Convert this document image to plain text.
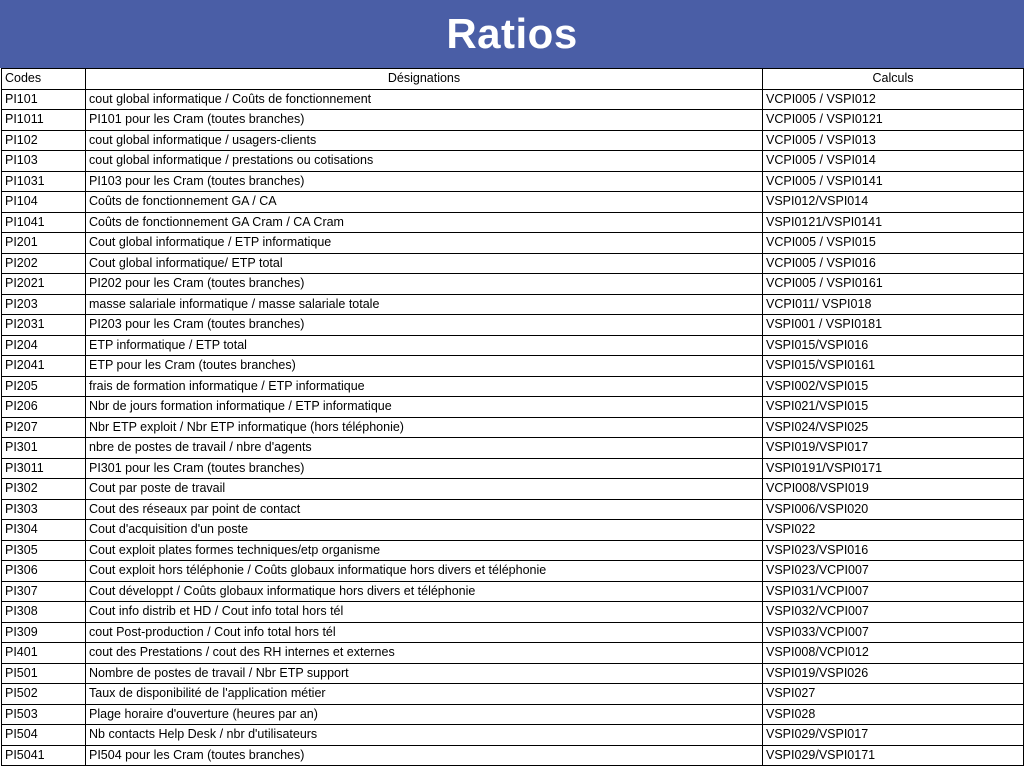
Ratios
Codes	Désignations	Calculs
PI101	cout global informatique / Coûts de fonctionnement	VCPI005 / VSPI012
PI1011	PI101 pour les Cram (toutes branches)	VCPI005 / VSPI0121
PI102	cout global informatique / usagers-clients	VCPI005 / VSPI013
PI103	cout global informatique / prestations ou cotisations	VCPI005 / VSPI014
PI1031	PI103 pour les Cram (toutes branches)	VCPI005 / VSPI0141
PI104	Coûts de fonctionnement GA / CA	VSPI012/VSPI014
PI1041	Coûts de fonctionnement GA Cram / CA Cram	VSPI0121/VSPI0141
PI201	Cout global informatique / ETP informatique	VCPI005 / VSPI015
PI202	Cout global informatique/ ETP total	VCPI005 / VSPI016
PI2021	PI202 pour les Cram (toutes branches)	VCPI005 / VSPI0161
PI203	masse salariale informatique / masse salariale totale	VCPI011/ VSPI018
PI2031	PI203 pour les Cram (toutes branches)	VSPI001 / VSPI0181
PI204	ETP informatique / ETP total	VSPI015/VSPI016
PI2041	ETP pour les Cram (toutes branches)	VSPI015/VSPI0161
PI205	frais de formation informatique / ETP informatique	VSPI002/VSPI015
PI206	Nbr de jours formation informatique / ETP informatique	VSPI021/VSPI015
PI207	Nbr ETP exploit / Nbr ETP informatique (hors téléphonie)	VSPI024/VSPI025
PI301	nbre de postes de travail / nbre d'agents	VSPI019/VSPI017
PI3011	PI301 pour les Cram (toutes branches)	VSPI0191/VSPI0171
PI302	Cout par poste de travail	VCPI008/VSPI019
PI303	Cout des réseaux par point de contact	VSPI006/VSPI020
PI304	Cout d'acquisition d'un poste	VSPI022
PI305	Cout exploit plates formes techniques/etp organisme	VSPI023/VSPI016
PI306	Cout exploit hors téléphonie / Coûts globaux informatique hors divers et téléphonie	VSPI023/VCPI007
PI307	Cout développt / Coûts globaux informatique hors divers et téléphonie	VSPI031/VCPI007
PI308	Cout info distrib et HD / Cout info total hors tél	VSPI032/VCPI007
PI309	cout Post-production / Cout info total hors tél	VSPI033/VCPI007
PI401	cout des Prestations / cout des RH internes et externes	VSPI008/VCPI012
PI501	Nombre de postes de travail / Nbr ETP support	VSPI019/VSPI026
PI502	Taux de disponibilité de l'application métier	VSPI027
PI503	Plage horaire d'ouverture (heures par an)	VSPI028
PI504	Nb contacts Help Desk / nbr d'utilisateurs	VSPI029/VSPI017
PI5041	PI504 pour les Cram (toutes branches)	VSPI029/VSPI0171
